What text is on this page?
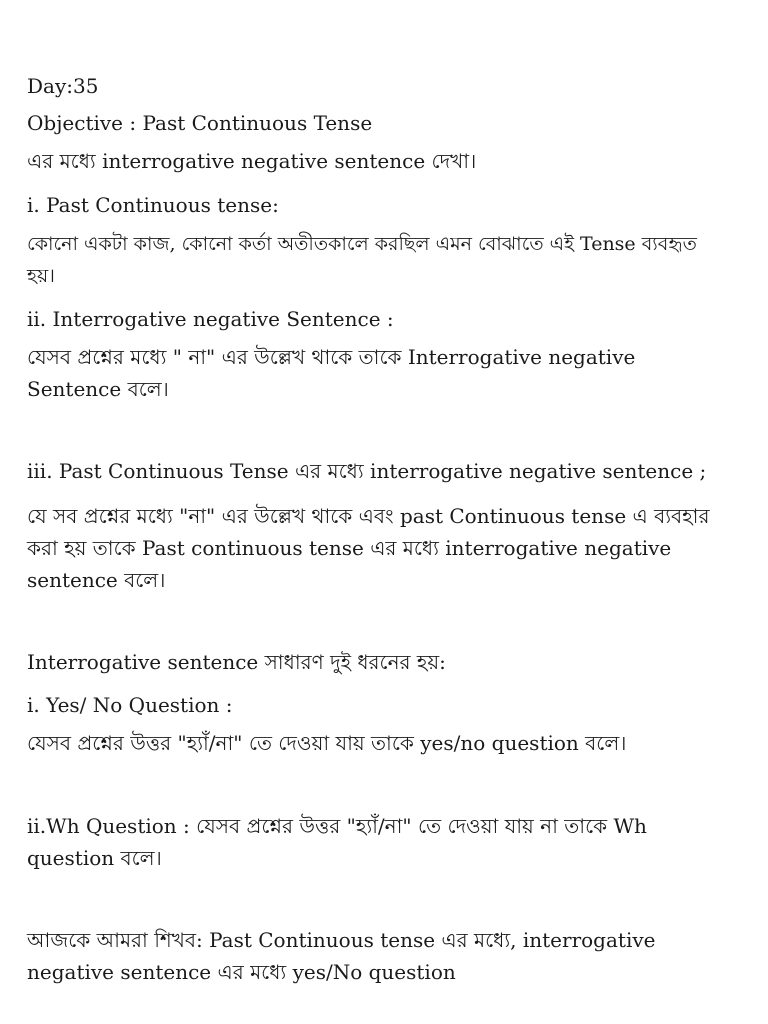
Day:35
Objective : Past Continuous Tense
এর মধ্যে interrogative negative sentence দেখা।
i. Past Continuous tense:
কোনো একটা কাজ, কোনো কর্তা অতীতকালে করছিল এমন বোঝাতে এই Tense ব্যবহৃত হয়।
ii. Interrogative negative Sentence :
যেসব প্রশ্নের মধ্যে " না" এর উল্লেখ থাকে তাকে Interrogative negative Sentence বলে।
iii. Past Continuous Tense এর মধ্যে interrogative negative sentence ;
যে সব প্রশ্নের মধ্যে "না" এর উল্লেখ থাকে এবং past Continuous tense এ ব্যবহার করা হয় তাকে Past continuous tense এর মধ্যে interrogative negative sentence বলে।
Interrogative sentence সাধারণ দুই ধরনের হয়:
i. Yes/ No Question :
যেসব প্রশ্নের উত্তর "হ্যাঁ/না" তে দেওয়া যায় তাকে yes/no question বলে।
ii.Wh Question : যেসব প্রশ্নের উত্তর "হ্যাঁ/না" তে দেওয়া যায় না তাকে Wh question বলে।
আজকে আমরা শিখব: Past Continuous tense এর মধ্যে, interrogative negative sentence এর মধ্যে yes/No question
